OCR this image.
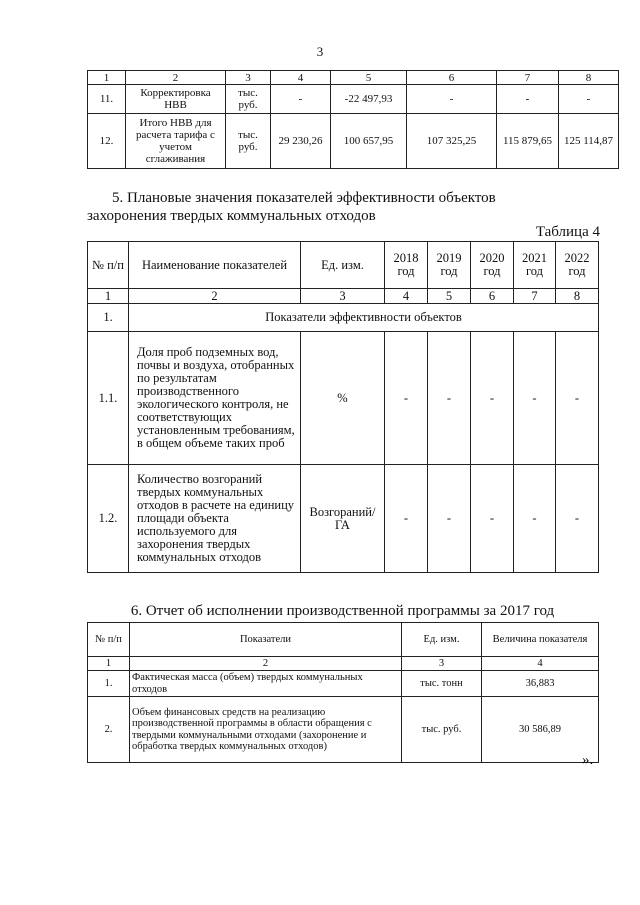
3
1	2	3	4	5	6	7	8
11.	Корректировка НВВ	тыс. руб.	-	-22 497,93	-	-	-
12.	Итого НВВ для расчета тарифа с учетом сглаживания	тыс. руб.	29 230,26	100 657,95	107 325,25	115 879,65	125 114,87
5. Плановые значения показателей эффективности объектов
захоронения твердых коммунальных отходов
Таблица 4
№ п/п	Наименование показателей	Ед. изм.	2018 год	2019 год	2020 год	2021 год	2022 год
1	2	3	4	5	6	7	8
1.	Показатели эффективности объектов						
1.1.	Доля проб подземных вод, почвы и воздуха, отобранных по результатам производственного экологического контроля, не соответствующих установленным требованиям, в общем объеме таких проб	%	-	-	-	-	-
1.2.	Количество возгораний твердых коммунальных отходов в расчете на единицу площади объекта используемого для захоронения твердых коммунальных отходов	Возгораний/ ГА	-	-	-	-	-
6. Отчет об исполнении производственной программы за 2017 год
№ п/п	Показатели	Ед. изм.	Величина показателя
1	2	3	4
1.	Фактическая масса (объем) твердых коммунальных отходов	тыс. тонн	36,883
2.	Объем финансовых средств на реализацию производственной программы в области обращения с твердыми коммунальными отходами (захоронение и обработка твердых коммунальных отходов)	тыс. руб.	30 586,89
».
